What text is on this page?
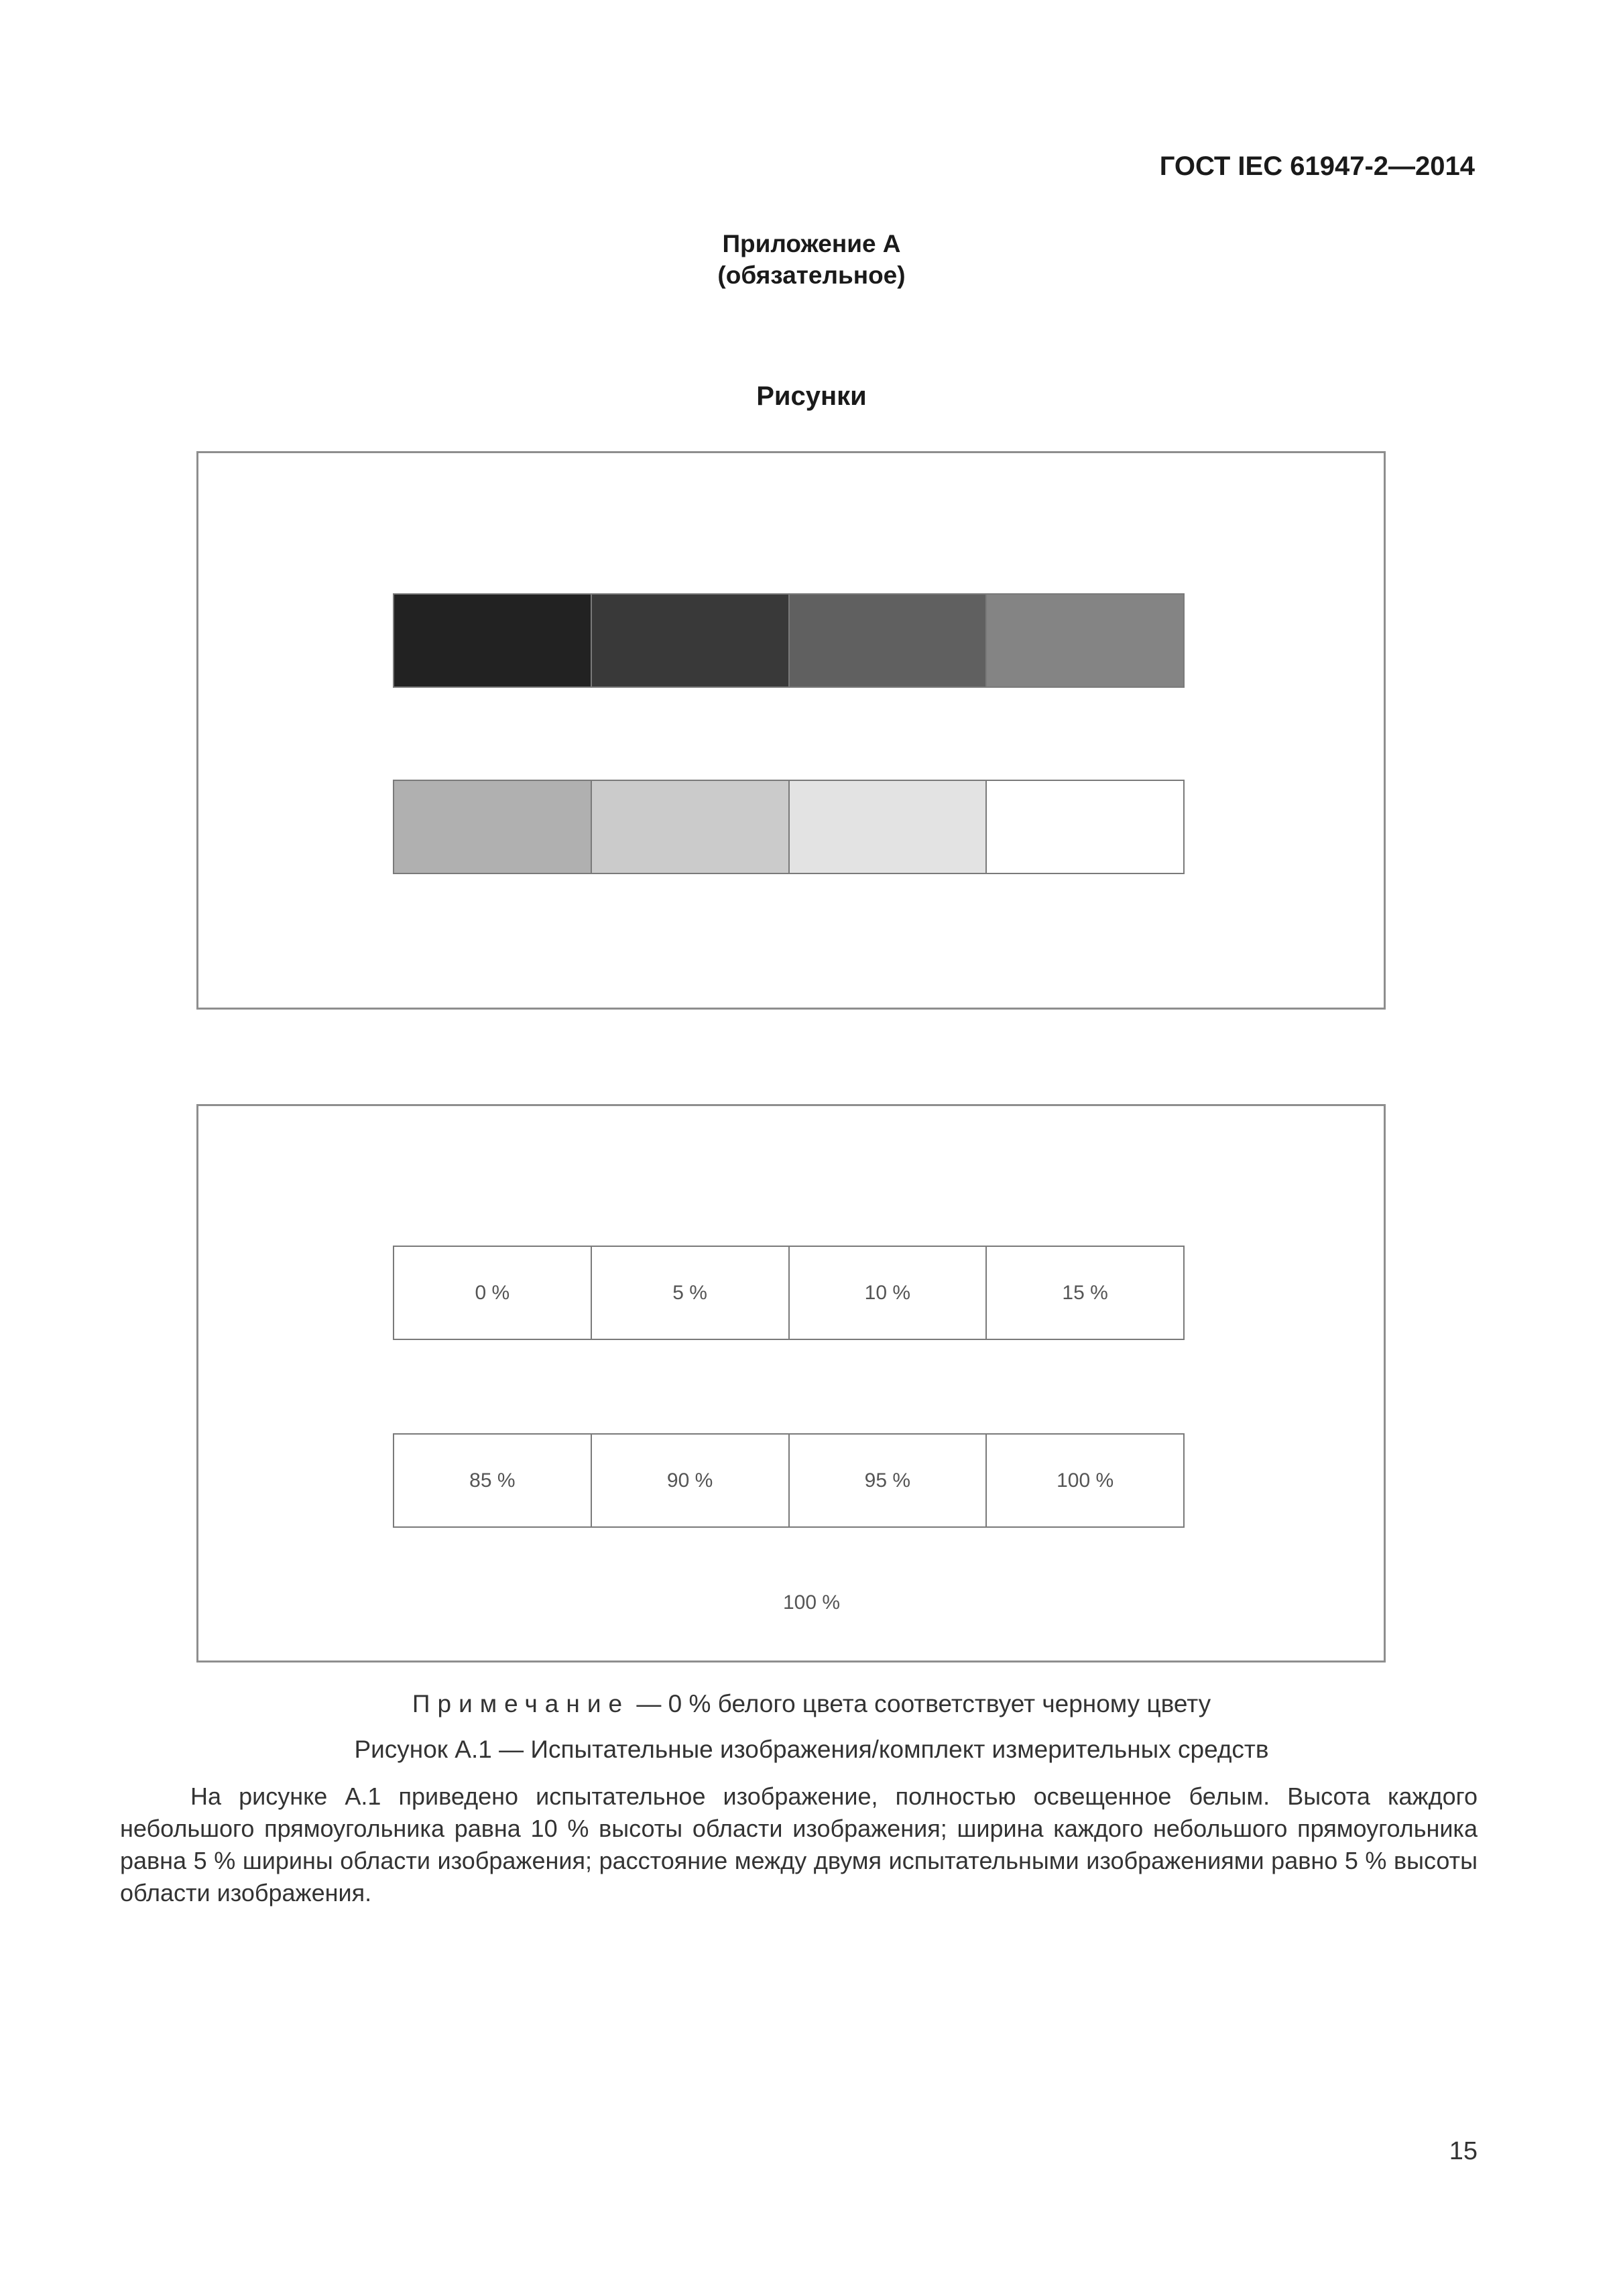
ГОСТ IEC 61947-2—2014
Приложение А
(обязательное)
Рисунки
0 %	5 %	10 %	15 %
85 %	90 %	95 %	100 %
100 %
Примечание — 0 % белого цвета соответствует черному цвету
Рисунок А.1 — Испытательные изображения/комплект измерительных средств
На рисунке А.1 приведено испытательное изображение, полностью освещенное белым. Высота каждого небольшого прямоугольника равна 10 % высоты области изображения; ширина каждого небольшого прямоугольника равна 5 % ширины области изображения; расстояние между двумя испытательными изображениями равно 5 % высоты области изображения.
15
